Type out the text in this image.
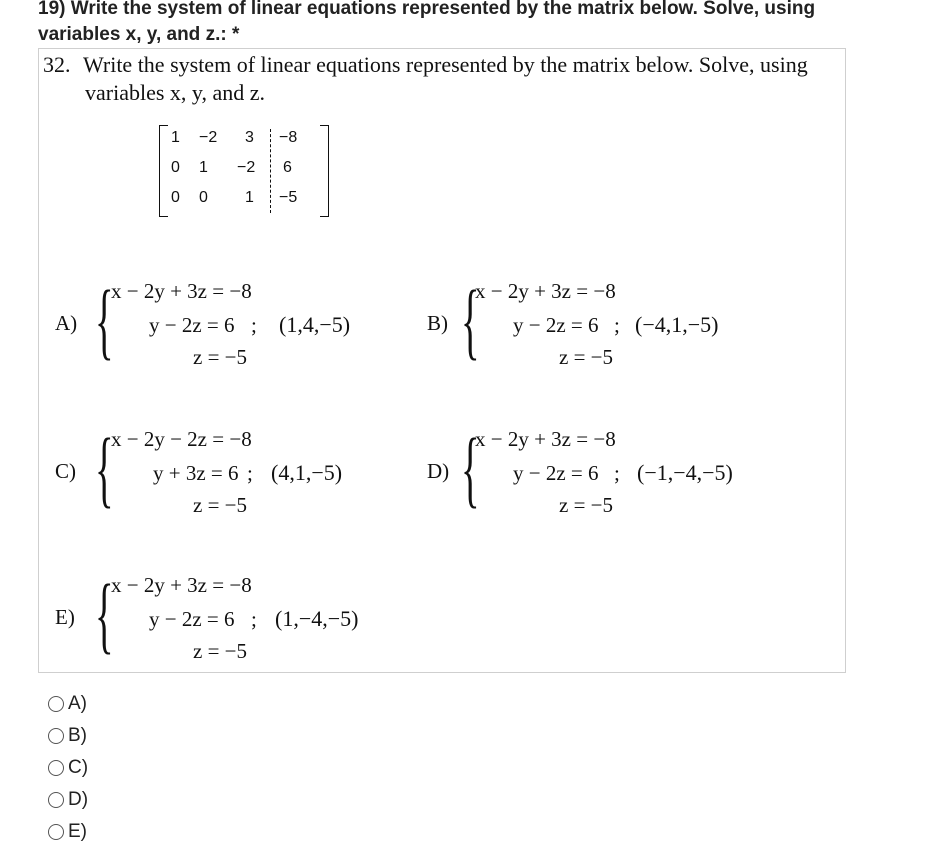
19) Write the system of linear equations represented by the matrix below. Solve, using
variables x, y, and z.: *
32. Write the system of linear equations represented by the matrix below. Solve, using
variables x, y, and z.
1 −2 3 −8
0 1 −2 6
0 0 1 −5
A) {
x − 2y + 3z = −8
y − 2z = 6 ; (1,4,−5)
z = −5
B) {
x − 2y + 3z = −8
y − 2z = 6 ; (−4,1,−5)
z = −5
C) {
x − 2y − 2z = −8
y + 3z = 6 ; (4,1,−5)
z = −5
D) {
x − 2y + 3z = −8
y − 2z = 6 ; (−1,−4,−5)
z = −5
E) {
x − 2y + 3z = −8
y − 2z = 6 ; (1,−4,−5)
z = −5
A)
B)
C)
D)
E)
